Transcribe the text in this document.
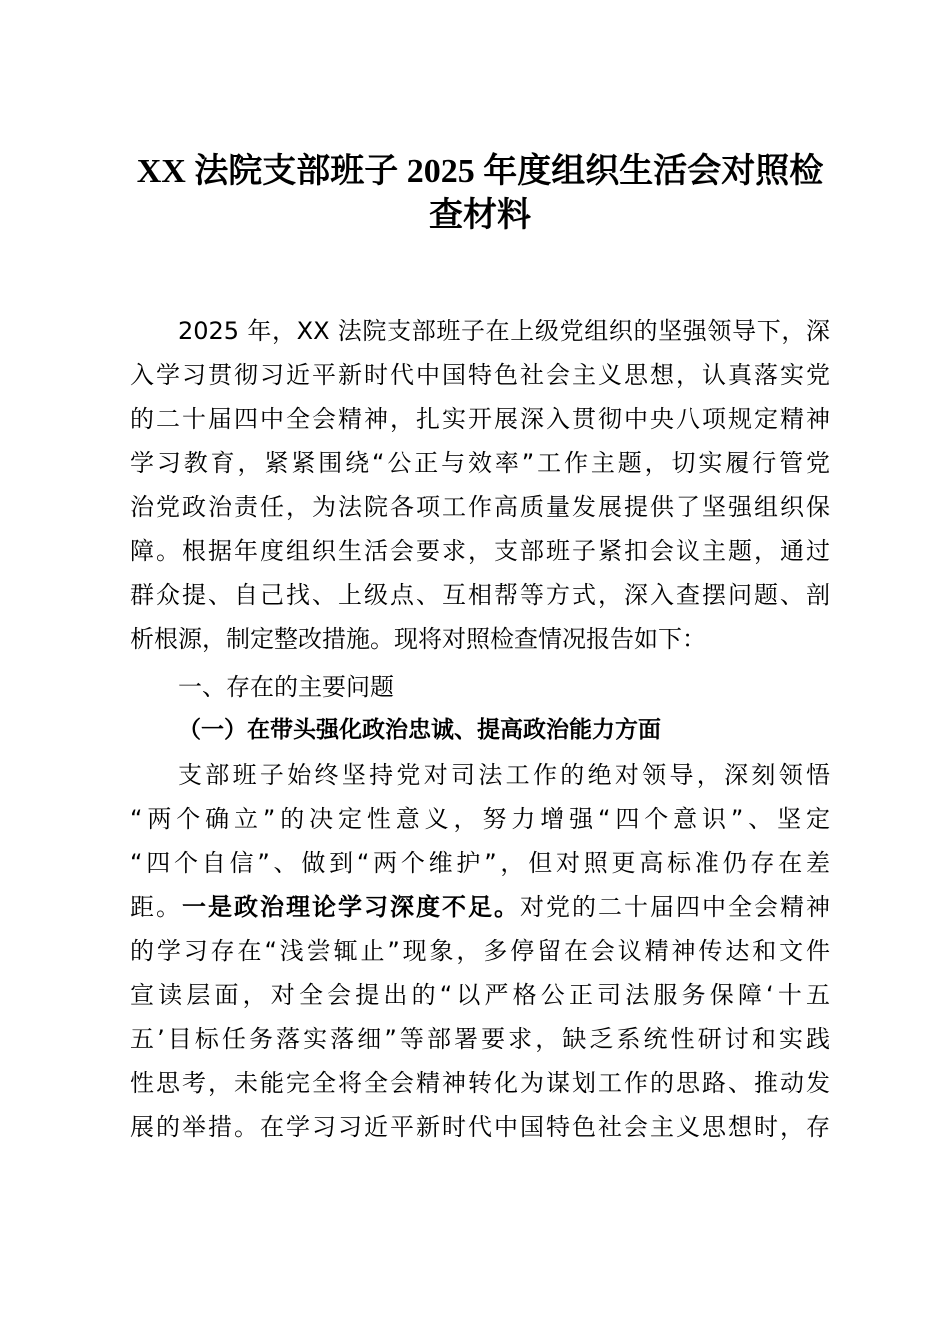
XX 法院支部班子 2025 年度组织生活会对照检
查材料
2025 年，XX 法院支部班子在上级党组织的坚强领导下，深
入学习贯彻习近平新时代中国特色社会主义思想，认真落实党
的二十届四中全会精神，扎实开展深入贯彻中央八项规定精神
学习教育，紧紧围绕“公正与效率”工作主题，切实履行管党
治党政治责任，为法院各项工作高质量发展提供了坚强组织保
障。根据年度组织生活会要求，支部班子紧扣会议主题，通过
群众提、自己找、上级点、互相帮等方式，深入查摆问题、剖
析根源，制定整改措施。现将对照检查情况报告如下：
一、存在的主要问题
（一）在带头强化政治忠诚、提高政治能力方面
支部班子始终坚持党对司法工作的绝对领导，深刻领悟
“两个确立”的决定性意义，努力增强“四个意识”、坚定
“四个自信”、做到“两个维护”，但对照更高标准仍存在差
距。一是政治理论学习深度不足。对党的二十届四中全会精神
的学习存在“浅尝辄止”现象，多停留在会议精神传达和文件
宣读层面，对全会提出的“以严格公正司法服务保障‘十五
五’目标任务落实落细”等部署要求，缺乏系统性研讨和实践
性思考，未能完全将全会精神转化为谋划工作的思路、推动发
展的举措。在学习习近平新时代中国特色社会主义思想时，存
